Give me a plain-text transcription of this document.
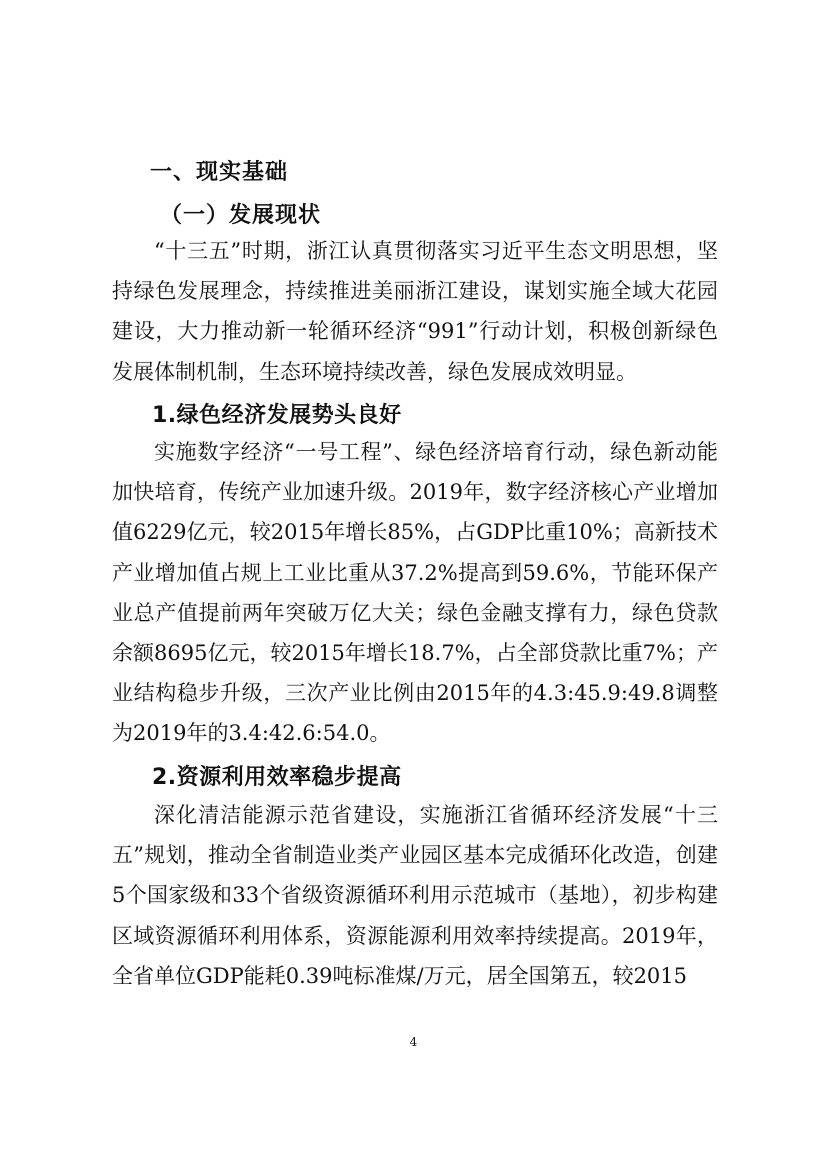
一、现实基础
（一）发展现状

“十三五”时期，浙江认真贯彻落实习近平生态文明思想，坚持绿色发展理念，持续推进美丽浙江建设，谋划实施全域大花园建设，大力推动新一轮循环经济“991”行动计划，积极创新绿色发展体制机制，生态环境持续改善，绿色发展成效明显。

1.绿色经济发展势头良好

实施数字经济“一号工程”、绿色经济培育行动，绿色新动能加快培育，传统产业加速升级。2019年，数字经济核心产业增加值6229亿元，较2015年增长85%，占GDP比重10%；高新技术产业增加值占规上工业比重从37.2%提高到59.6%，节能环保产业总产值提前两年突破万亿大关；绿色金融支撑有力，绿色贷款余额8695亿元，较2015年增长18.7%，占全部贷款比重7%；产业结构稳步升级，三次产业比例由2015年的4.3:45.9:49.8调整为2019年的3.4:42.6:54.0。

2.资源利用效率稳步提高

深化清洁能源示范省建设，实施浙江省循环经济发展“十三五”规划，推动全省制造业类产业园区基本完成循环化改造，创建5个国家级和33个省级资源循环利用示范城市（基地），初步构建区域资源循环利用体系，资源能源利用效率持续提高。2019年，全省单位GDP能耗0.39吨标准煤/万元，居全国第五，较2015

4
